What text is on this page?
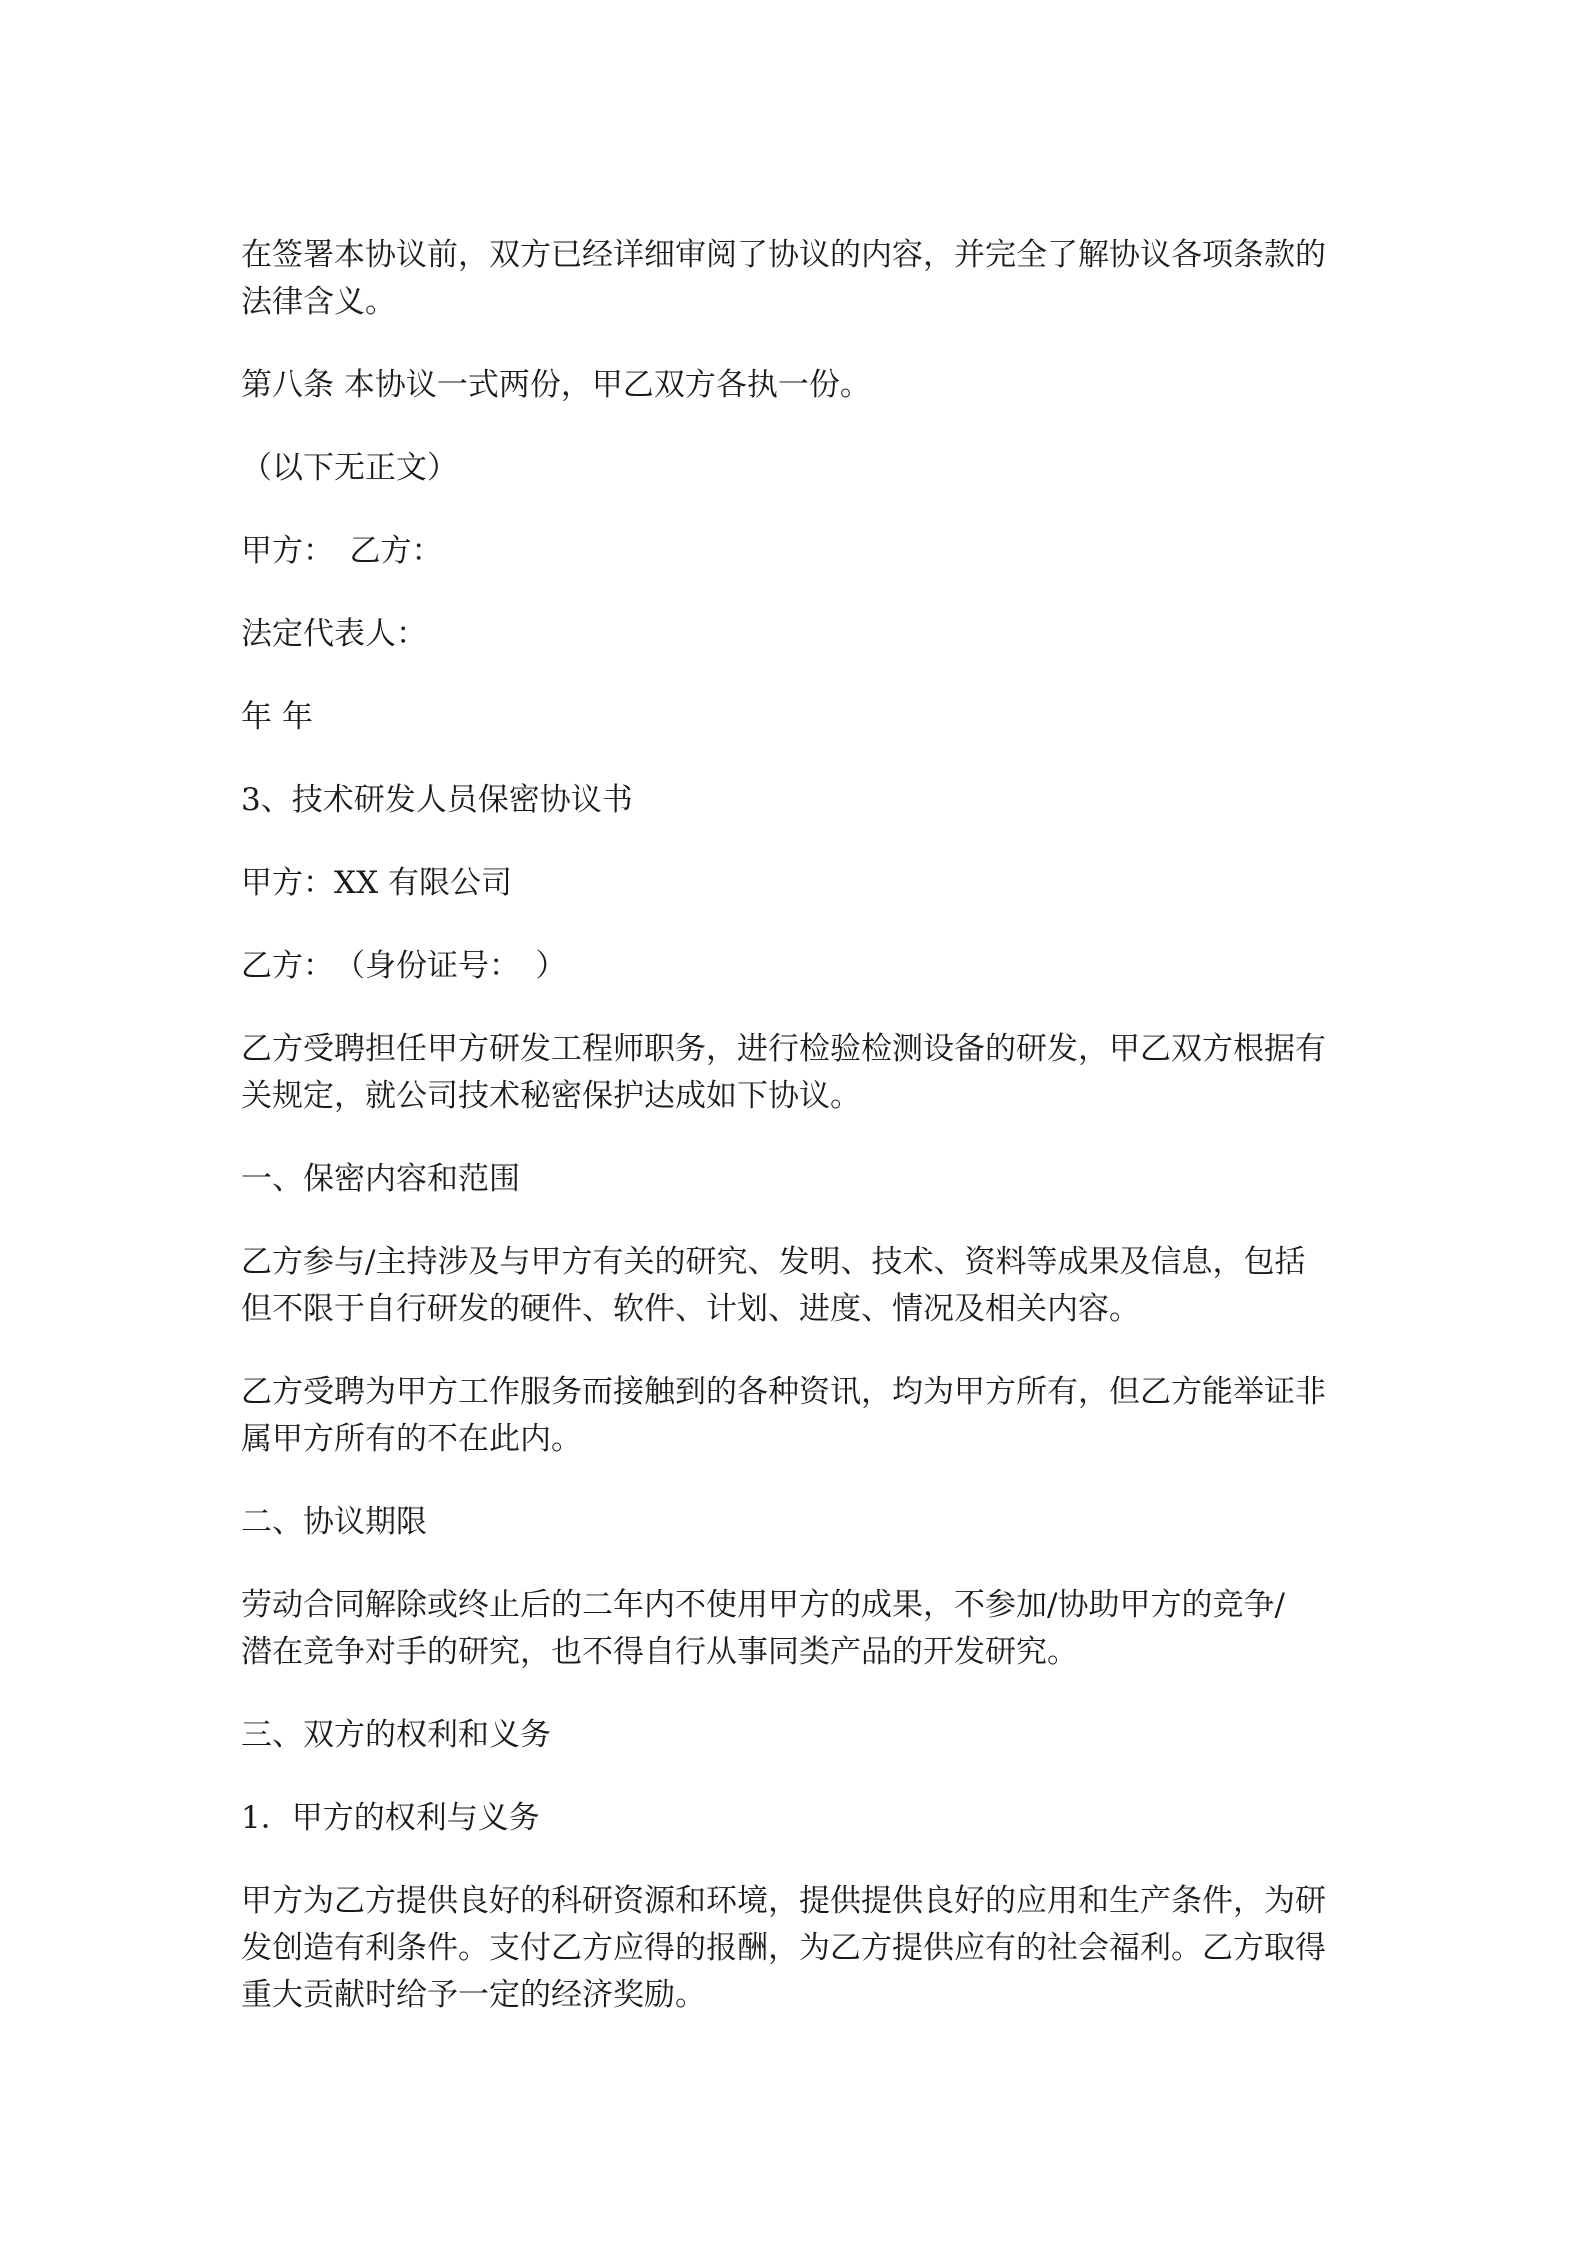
在签署本协议前，双方已经详细审阅了协议的内容，并完全了解协议各项条款的
法律含义。

第八条 本协议一式两份，甲乙双方各执一份。

（以下无正文）

甲方：　乙方：

法定代表人：

年 年

3、技术研发人员保密协议书

甲方：XX 有限公司

乙方：　（身份证号：　）

乙方受聘担任甲方研发工程师职务，进行检验检测设备的研发，甲乙双方根据有
关规定，就公司技术秘密保护达成如下协议。

一、保密内容和范围

乙方参与/主持涉及与甲方有关的研究、发明、技术、资料等成果及信息，包括
但不限于自行研发的硬件、软件、计划、进度、情况及相关内容。

乙方受聘为甲方工作服务而接触到的各种资讯，均为甲方所有，但乙方能举证非
属甲方所有的不在此内。

二、协议期限

劳动合同解除或终止后的二年内不使用甲方的成果，不参加/协助甲方的竞争/
潜在竞争对手的研究，也不得自行从事同类产品的开发研究。

三、双方的权利和义务

1．甲方的权利与义务

甲方为乙方提供良好的科研资源和环境，提供提供良好的应用和生产条件，为研
发创造有利条件。支付乙方应得的报酬，为乙方提供应有的社会福利。乙方取得
重大贡献时给予一定的经济奖励。
